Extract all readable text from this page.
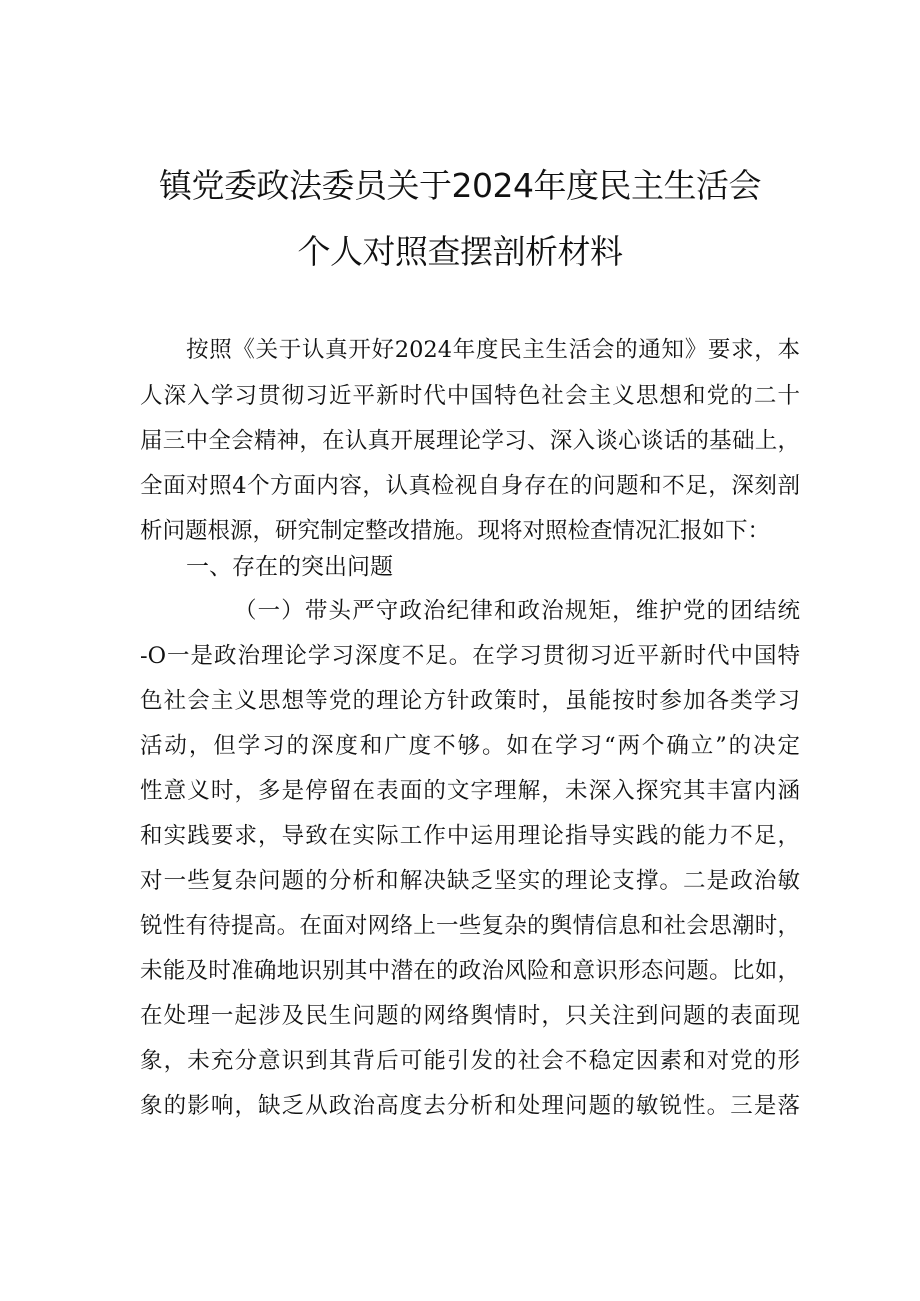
镇党委政法委员关于2024年度民主生活会
个人对照查摆剖析材料
按照《关于认真开好2024年度民主生活会的通知》要求，本
人深入学习贯彻习近平新时代中国特色社会主义思想和党的二十
届三中全会精神，在认真开展理论学习、深入谈心谈话的基础上，
全面对照4个方面内容，认真检视自身存在的问题和不足，深刻剖
析问题根源，研究制定整改措施。现将对照检查情况汇报如下：
一、存在的突出问题
（一）带头严守政治纪律和政治规矩，维护党的团结统
-O一是政治理论学习深度不足。在学习贯彻习近平新时代中国特
色社会主义思想等党的理论方针政策时，虽能按时参加各类学习
活动，但学习的深度和广度不够。如在学习“两个确立”的决定
性意义时，多是停留在表面的文字理解，未深入探究其丰富内涵
和实践要求，导致在实际工作中运用理论指导实践的能力不足，
对一些复杂问题的分析和解决缺乏坚实的理论支撑。二是政治敏
锐性有待提高。在面对网络上一些复杂的舆情信息和社会思潮时，
未能及时准确地识别其中潜在的政治风险和意识形态问题。比如，
在处理一起涉及民生问题的网络舆情时，只关注到问题的表面现
象，未充分意识到其背后可能引发的社会不稳定因素和对党的形
象的影响，缺乏从政治高度去分析和处理问题的敏锐性。三是落
